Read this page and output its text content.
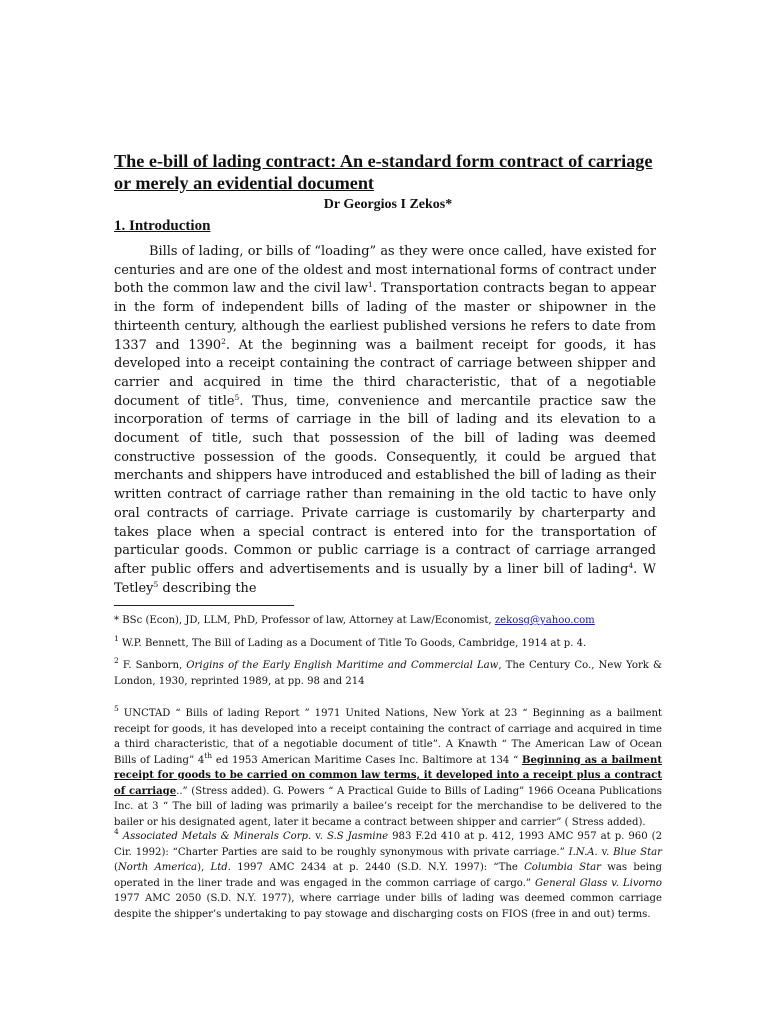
The e-bill of lading contract: An e-standard form contract of carriage or merely an evidential document

Dr Georgios I Zekos*

1. Introduction

Bills of lading, or bills of “loading” as they were once called, have existed for centuries and are one of the oldest and most international forms of contract under both the common law and the civil law$^1$. Transportation contracts began to appear in the form of independent bills of lading of the master or shipowner in the thirteenth century, although the earliest published versions he refers to date from 1337 and 1390$^2$. At the beginning was a bailment receipt for goods, it has developed into a receipt containing the contract of carriage between shipper and carrier and acquired in time the third characteristic, that of a negotiable document of title$^5$. Thus, time, convenience and mercantile practice saw the incorporation of terms of carriage in the bill of lading and its elevation to a document of title, such that possession of the bill of lading was deemed constructive possession of the goods. Consequently, it could be argued that merchants and shippers have introduced and established the bill of lading as their written contract of carriage rather than remaining in the old tactic to have only oral contracts of carriage. Private carriage is customarily by charterparty and takes place when a special contract is entered into for the transportation of particular goods. Common or public carriage is a contract of carriage arranged after public offers and advertisements and is usually by a liner bill of lading$^4$. W Tetley$^5$ describing the

* BSc (Econ), JD, LLM, PhD, Professor of law, Attorney at Law/Economist, zekosg@yahoo.com

$^1$ W.P. Bennett, The Bill of Lading as a Document of Title To Goods, Cambridge, 1914 at p. 4.

$^2$ F. Sanborn, Origins of the Early English Maritime and Commercial Law, The Century Co., New York & London, 1930, reprinted 1989, at pp. 98 and 214

$^5$ UNCTAD “ Bills of lading Report ” 1971 United Nations, New York at 23 “ Beginning as a bailment receipt for goods, it has developed into a receipt containing the contract of carriage and acquired in time a third characteristic, that of a negotiable document of title”. A Knawth “ The American Law of Ocean Bills of Lading” 4th ed 1953 American Maritime Cases Inc. Baltimore at 134 “ Beginning as a bailment receipt for goods to be carried on common law terms, it developed into a receipt plus a contract of carriage..” (Stress added). G. Powers “ A Practical Guide to Bills of Lading” 1966 Oceana Publications Inc. at 3 “ The bill of lading was primarily a bailee’s receipt for the merchandise to be delivered to the bailer or his designated agent, later it became a contract between shipper and carrier” ( Stress added).

$^4$ Associated Metals & Minerals Corp. v. S.S Jasmine 983 F.2d 410 at p. 412, 1993 AMC 957 at p. 960 (2 Cir. 1992): “Charter Parties are said to be roughly synonymous with private carriage.” I.N.A. v. Blue Star (North America), Ltd. 1997 AMC 2434 at p. 2440 (S.D. N.Y. 1997): “The Columbia Star was being operated in the liner trade and was engaged in the common carriage of cargo.” General Glass v. Livorno 1977 AMC 2050 (S.D. N.Y. 1977), where carriage under bills of lading was deemed common carriage despite the shipper’s undertaking to pay stowage and discharging costs on FIOS (free in and out) terms.
